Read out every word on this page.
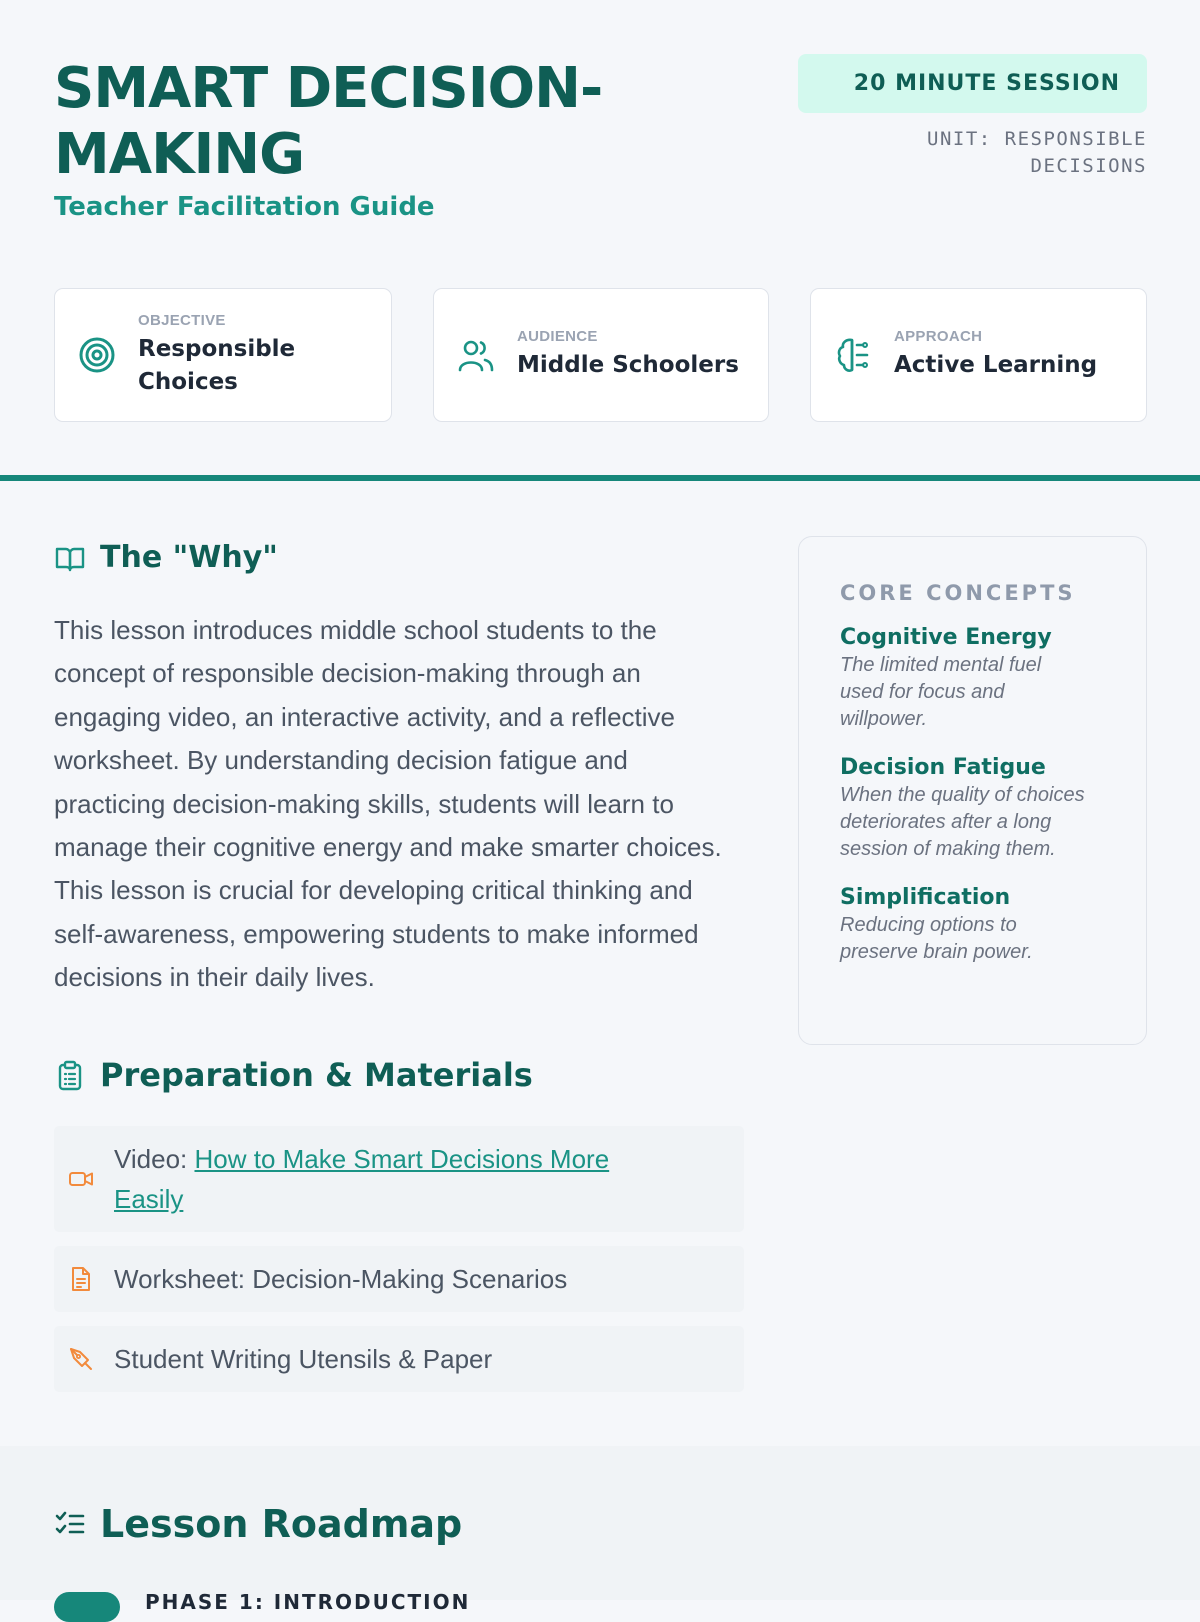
SMART DECISION-MAKING
Teacher Facilitation Guide
20 MINUTE SESSION
UNIT: RESPONSIBLE DECISIONS
OBJECTIVE
Responsible Choices
AUDIENCE
Middle Schoolers
APPROACH
Active Learning
The "Why"

This lesson introduces middle school students to the concept of responsible decision-making through an engaging video, an interactive activity, and a reflective worksheet. By understanding decision fatigue and practicing decision-making skills, students will learn to manage their cognitive energy and make smarter choices. This lesson is crucial for developing critical thinking and self-awareness, empowering students to make informed decisions in their daily lives.

CORE CONCEPTS
Cognitive Energy
The limited mental fuel used for focus and willpower.
Decision Fatigue
When the quality of choices deteriorates after a long session of making them.
Simplification
Reducing options to preserve brain power.
Preparation & Materials
Video: How to Make Smart Decisions More Easily
Worksheet: Decision-Making Scenarios
Student Writing Utensils & Paper
Lesson Roadmap
PHASE 1: INTRODUCTION
